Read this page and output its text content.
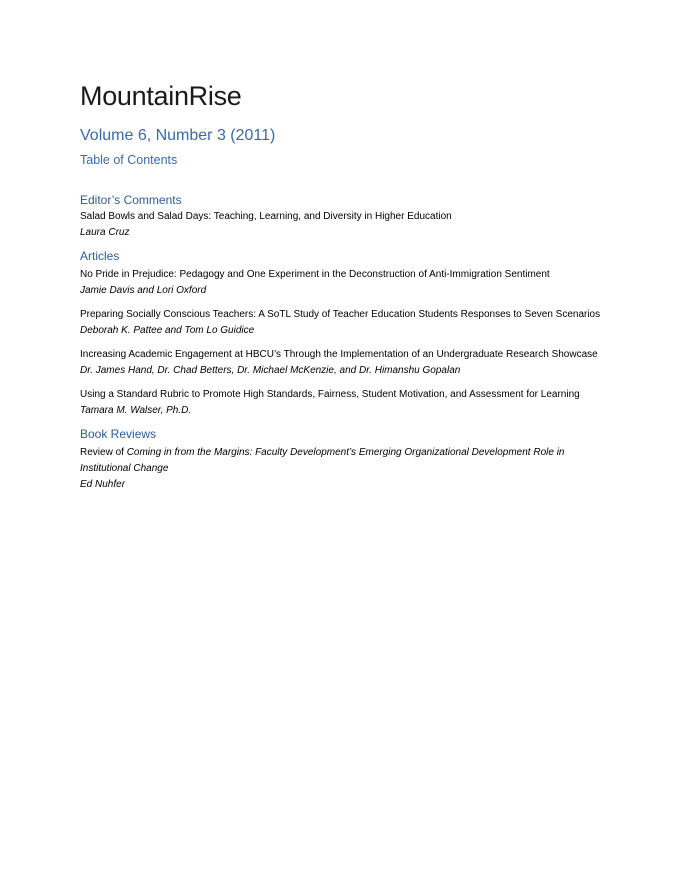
MountainRise
Volume 6, Number 3 (2011)
Table of Contents
Editor’s Comments

Salad Bowls and Salad Days: Teaching, Learning, and Diversity in Higher Education

Laura Cruz

Articles

No Pride in Prejudice: Pedagogy and One Experiment in the Deconstruction of Anti-Immigration Sentiment

Jamie Davis and Lori Oxford

Preparing Socially Conscious Teachers: A SoTL Study of Teacher Education Students Responses to Seven Scenarios

Deborah K. Pattee and Tom Lo Guidice

Increasing Academic Engagement at HBCU’s Through the Implementation of an Undergraduate Research Showcase

Dr. James Hand, Dr. Chad Betters, Dr. Michael McKenzie, and Dr. Himanshu Gopalan

Using a Standard Rubric to Promote High Standards, Fairness, Student Motivation, and Assessment for Learning

Tamara M. Walser, Ph.D.

Book Reviews

Review of Coming in from the Margins: Faculty Development’s Emerging Organizational Development Role in Institutional Change

Ed Nuhfer
